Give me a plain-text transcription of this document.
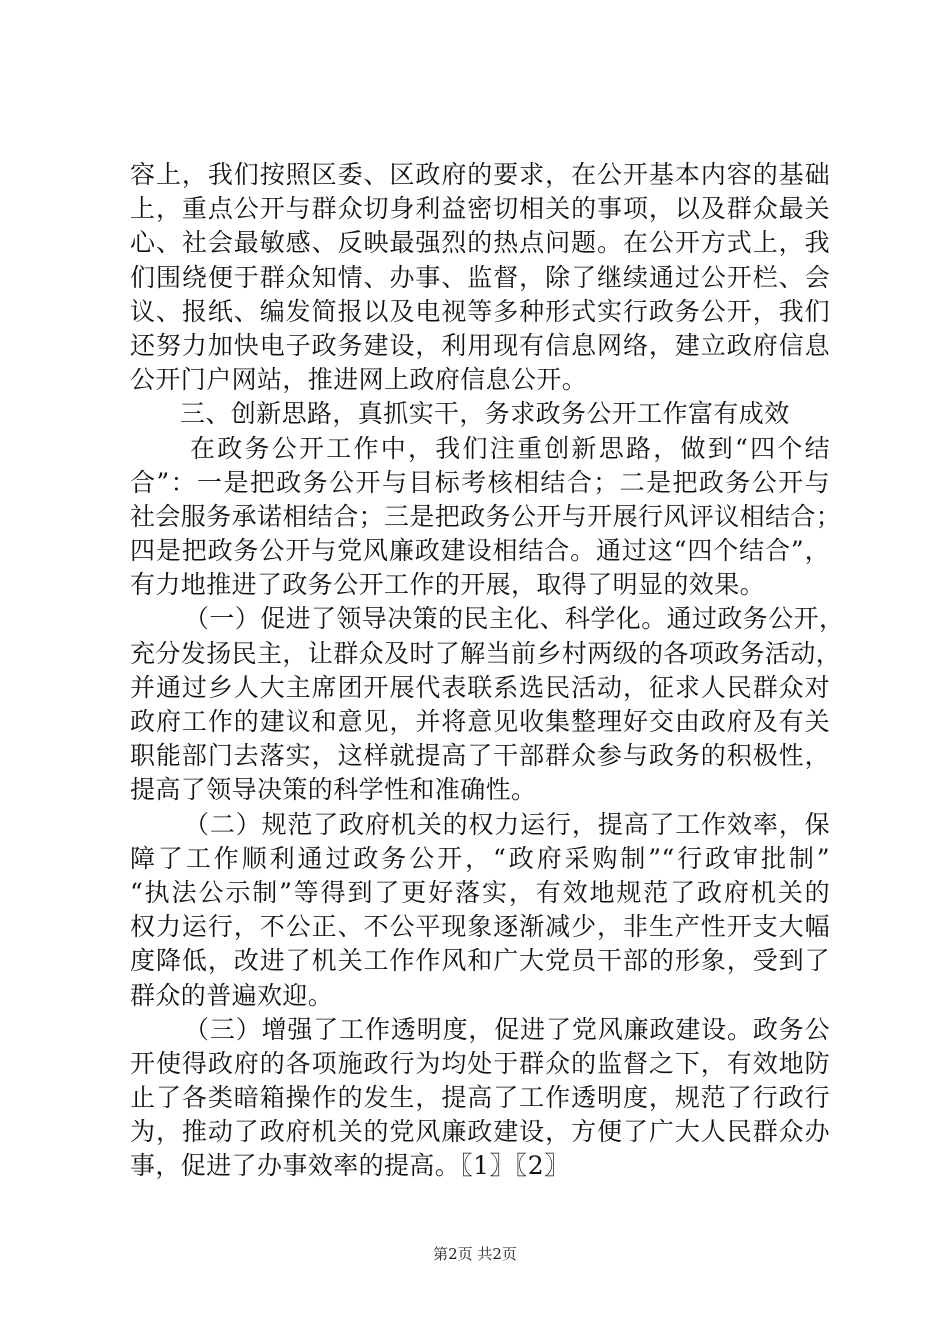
容上，我们按照区委、区政府的要求，在公开基本内容的基础
上，重点公开与群众切身利益密切相关的事项，以及群众最关
心、社会最敏感、反映最强烈的热点问题。在公开方式上，我
们围绕便于群众知情、办事、监督，除了继续通过公开栏、会
议、报纸、编发简报以及电视等多种形式实行政务公开，我们
还努力加快电子政务建设，利用现有信息网络，建立政府信息
公开门户网站，推进网上政府信息公开。
三、创新思路，真抓实干，务求政务公开工作富有成效
在政务公开工作中，我们注重创新思路，做到“四个结
合”：一是把政务公开与目标考核相结合；二是把政务公开与
社会服务承诺相结合；三是把政务公开与开展行风评议相结合；
四是把政务公开与党风廉政建设相结合。通过这“四个结合”，
有力地推进了政务公开工作的开展，取得了明显的效果。
（一）促进了领导决策的民主化、科学化。通过政务公开，
充分发扬民主，让群众及时了解当前乡村两级的各项政务活动，
并通过乡人大主席团开展代表联系选民活动，征求人民群众对
政府工作的建议和意见，并将意见收集整理好交由政府及有关
职能部门去落实，这样就提高了干部群众参与政务的积极性，
提高了领导决策的科学性和准确性。
（二）规范了政府机关的权力运行，提高了工作效率，保
障了工作顺利通过政务公开，“政府采购制”“行政审批制”
“执法公示制”等得到了更好落实，有效地规范了政府机关的
权力运行，不公正、不公平现象逐渐减少，非生产性开支大幅
度降低，改进了机关工作作风和广大党员干部的形象，受到了
群众的普遍欢迎。
（三）增强了工作透明度，促进了党风廉政建设。政务公
开使得政府的各项施政行为均处于群众的监督之下，有效地防
止了各类暗箱操作的发生，提高了工作透明度，规范了行政行
为，推动了政府机关的党风廉政建设，方便了广大人民群众办
事，促进了办事效率的提高。〖1〗〖2〗
第2页 共2页
